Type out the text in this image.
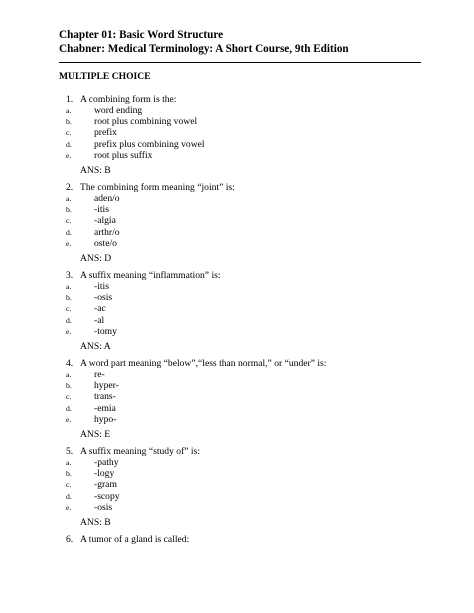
Chapter 01: Basic Word Structure
Chabner: Medical Terminology: A Short Course, 9th Edition
MULTIPLE CHOICE
1. A combining form is the:
a. word ending
b. root plus combining vowel
c. prefix
d. prefix plus combining vowel
e. root plus suffix
ANS: B
2. The combining form meaning “joint” is:
a. aden/o
b. -itis
c. -algia
d. arthr/o
e. oste/o
ANS: D
3. A suffix meaning “inflammation” is:
a. -itis
b. -osis
c. -ac
d. -al
e. -tomy
ANS: A
4. A word part meaning “below”,“less than normal,” or “under” is:
a. re-
b. hyper-
c. trans-
d. -emia
e. hypo-
ANS: E
5. A suffix meaning “study of” is:
a. -pathy
b. -logy
c. -gram
d. -scopy
e. -osis
ANS: B
6. A tumor of a gland is called:
